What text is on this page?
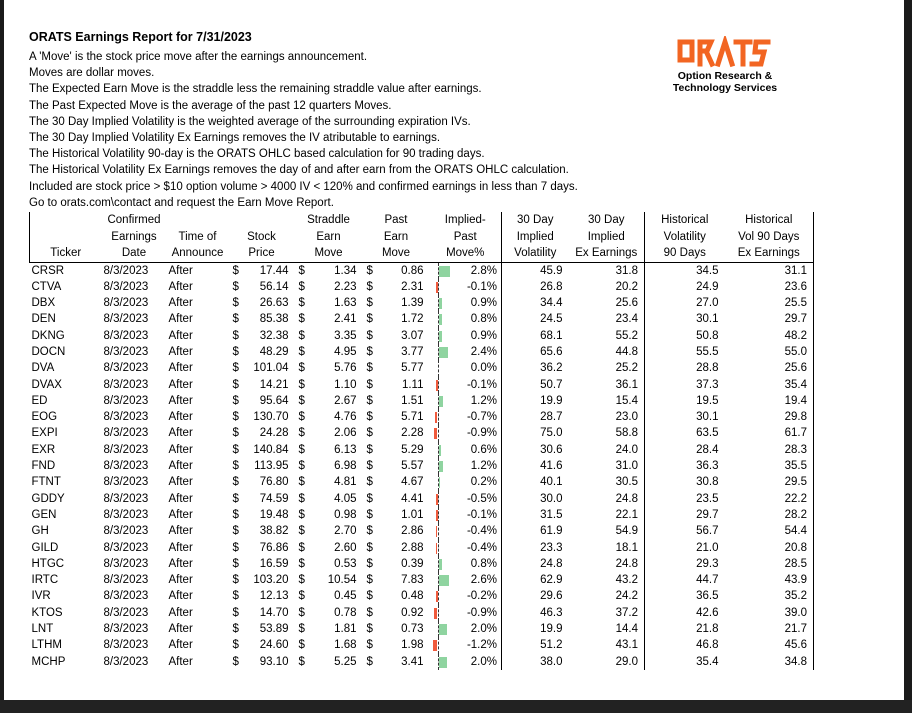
ORATS Earnings Report for 7/31/2023
A 'Move' is the stock price move after the earnings announcement.
Moves are dollar moves.
The Expected Earn Move is the straddle less the remaining straddle value after earnings.
The Past Expected Move is the average of the past 12 quarters Moves.
The 30 Day Implied Volatility is the weighted average of the surrounding expiration IVs.
The 30 Day Implied Volatility Ex Earnings removes the IV atributable to earnings.
The Historical Volatility 90-day is the ORATS OHLC based calculation for 90 trading days.
The Historical Volatility Ex Earnings removes the day of and after earn from the ORATS OHLC calculation.
Included are stock price > $10 option volume > 4000 IV < 120% and confirmed earnings in less than 7 days.
Go to orats.com\contact and request the Earn Move Report.
Option Research &
Technology Services
	Confirmed			Straddle	Past	Implied-	30 Day	30 Day	Historical	Historical
	Earnings	Time of	Stock	Earn	Earn	Past	Implied	Implied	Volatility	Vol 90 Days
Ticker	Date	Announce	Price	Move	Move	Move%	Volatility	Ex Earnings	90 Days	Ex Earnings
CRSR	8/3/2023	After	$ 17.44	$ 1.34	$ 0.86	2.8%	45.9	31.8	34.5	31.1
CTVA	8/3/2023	After	$ 56.14	$ 2.23	$ 2.31	-0.1%	26.8	20.2	24.9	23.6
DBX	8/3/2023	After	$ 26.63	$ 1.63	$ 1.39	0.9%	34.4	25.6	27.0	25.5
DEN	8/3/2023	After	$ 85.38	$ 2.41	$ 1.72	0.8%	24.5	23.4	30.1	29.7
DKNG	8/3/2023	After	$ 32.38	$ 3.35	$ 3.07	0.9%	68.1	55.2	50.8	48.2
DOCN	8/3/2023	After	$ 48.29	$ 4.95	$ 3.77	2.4%	65.6	44.8	55.5	55.0
DVA	8/3/2023	After	$ 101.04	$ 5.76	$ 5.77	0.0%	36.2	25.2	28.8	25.6
DVAX	8/3/2023	After	$ 14.21	$ 1.10	$ 1.11	-0.1%	50.7	36.1	37.3	35.4
ED	8/3/2023	After	$ 95.64	$ 2.67	$ 1.51	1.2%	19.9	15.4	19.5	19.4
EOG	8/3/2023	After	$ 130.70	$ 4.76	$ 5.71	-0.7%	28.7	23.0	30.1	29.8
EXPI	8/3/2023	After	$ 24.28	$ 2.06	$ 2.28	-0.9%	75.0	58.8	63.5	61.7
EXR	8/3/2023	After	$ 140.84	$ 6.13	$ 5.29	0.6%	30.6	24.0	28.4	28.3
FND	8/3/2023	After	$ 113.95	$ 6.98	$ 5.57	1.2%	41.6	31.0	36.3	35.5
FTNT	8/3/2023	After	$ 76.80	$ 4.81	$ 4.67	0.2%	40.1	30.5	30.8	29.5
GDDY	8/3/2023	After	$ 74.59	$ 4.05	$ 4.41	-0.5%	30.0	24.8	23.5	22.2
GEN	8/3/2023	After	$ 19.48	$ 0.98	$ 1.01	-0.1%	31.5	22.1	29.7	28.2
GH	8/3/2023	After	$ 38.82	$ 2.70	$ 2.86	-0.4%	61.9	54.9	56.7	54.4
GILD	8/3/2023	After	$ 76.86	$ 2.60	$ 2.88	-0.4%	23.3	18.1	21.0	20.8
HTGC	8/3/2023	After	$ 16.59	$ 0.53	$ 0.39	0.8%	24.8	24.8	29.3	28.5
IRTC	8/3/2023	After	$ 103.20	$ 10.54	$ 7.83	2.6%	62.9	43.2	44.7	43.9
IVR	8/3/2023	After	$ 12.13	$ 0.45	$ 0.48	-0.2%	29.6	24.2	36.5	35.2
KTOS	8/3/2023	After	$ 14.70	$ 0.78	$ 0.92	-0.9%	46.3	37.2	42.6	39.0
LNT	8/3/2023	After	$ 53.89	$ 1.81	$ 0.73	2.0%	19.9	14.4	21.8	21.7
LTHM	8/3/2023	After	$ 24.60	$ 1.68	$ 1.98	-1.2%	51.2	43.1	46.8	45.6
MCHP	8/3/2023	After	$ 93.10	$ 5.25	$ 3.41	2.0%	38.0	29.0	35.4	34.8
